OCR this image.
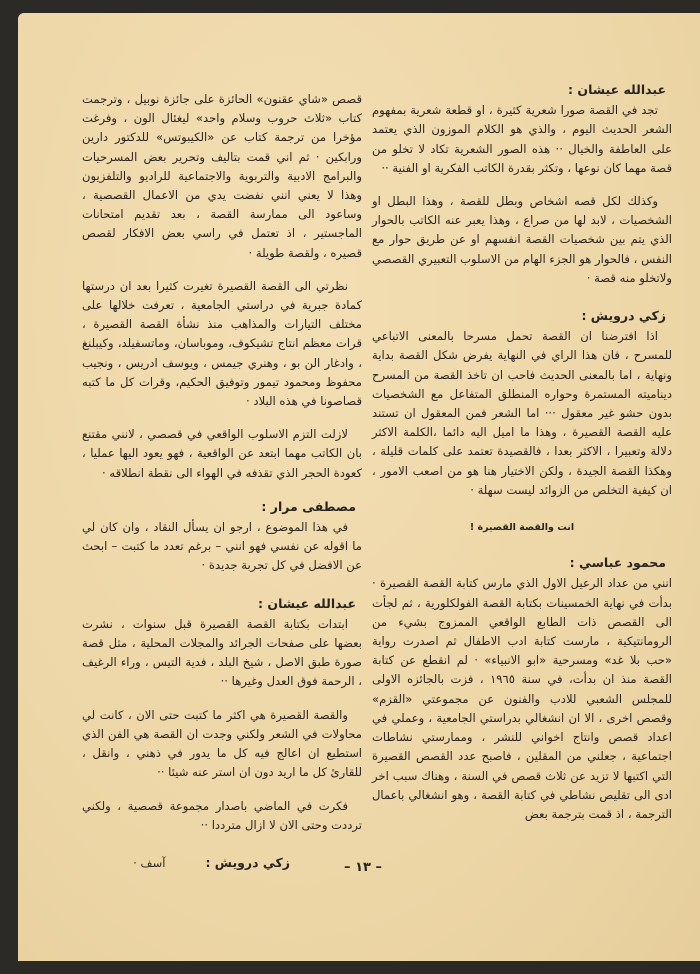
عبدالله عيشان :

تجد في القصة صورا شعرية كثيرة ، او قطعة شعرية بمفهوم الشعر الحديث اليوم ، والذي هو الكلام الموزون الذي يعتمد على العاطفة والخيال ·· هذه الصور الشعرية تكاد لا تخلو من قصة مهما كان نوعها ، وتكثر بقدرة الكاتب الفكرية او الفنية ··

وكذلك لكل قصه اشخاص وبطل للقصة ، وهذا البطل او الشخصيات ، لابد لها من صراع ، وهذا يعبر عنه الكاتب بالحوار الذي يتم بين شخصيات القصة انفسهم او عن طريق حوار مع النفس ، فالحوار هو الجزء الهام من الاسلوب التعبيري القصصي ولاتخلو منه قصة ·

زكي درويش :

اذا افترضنا ان القصة تحمل مسرحا بالمعنى الاتباعي للمسرح ، فان هذا الراي في النهاية يفرض شكل القصة بداية ونهاية ، اما بالمعنى الحديث فاحب ان تاخذ القصة من المسرح ديناميته المستمرة وحواره المنطلق المتفاعل مع الشخصيات بدون حشو غير معقول ··· اما الشعر فمن المعقول ان تستند عليه القصة القصيرة ، وهذا ما اميل اليه دائما ،الكلمة الاكثر دلالة وتعبيرا ، الاكثر بعدا ، فالقصيدة تعتمد على كلمات قليلة ، وهكذا القصة الجيدة ، ولكن الاختيار هنا هو من اصعب الامور ، ان كيفية التخلص من الزوائد ليست سهلة ·

انت والقصة القصيرة !
محمود عباسي :

انني من عداد الرعيل الاول الذي مارس كتابة القصة القصيرة · بدأت في نهاية الخمسينات بكتابة القصة الفولكلورية ، ثم لجأت الى القصص ذات الطابع الواقعي الممزوج بشيء من الرومانتيكية ، مارست كتابة ادب الاطفال ثم اصدرت رواية «حب بلا غد» ومسرحية «ابو الانبياء» · لم انقطع عن كتابة القصة منذ ان بدأت، في سنة ١٩٦٥ ، فزت بالجائزه الاولى للمجلس الشعبي للادب والفنون عن مجموعتي «القزم» وقصص اخرى ، الا ان انشغالي بدراستي الجامعية ، وعملي في اعداد قصص وانتاج اخواني للنشر ، وممارستي نشاطات اجتماعية ، جعلني من المقلين ، فاصبح عدد القصص القصيرة التي اكتبها لا تزيد عن ثلاث قصص في السنة ، وهناك سبب اخر ادى الى تقليص نشاطي في كتابة القصة ، وهو انشغالي باعمال الترجمة ، اذ قمت بترجمة بعض

قصص «شاي عقنون» الحائزة على جائزة نوبيل ، وترجمت كتاب «ثلاث حروب وسلام واحد» ليغئال الون ، وفرغت مؤخرا من ترجمة كتاب عن «الكيبوتس» للدكتور دارين ورابكين · ثم اني قمت بتاليف وتحرير بعض المسرحيات والبرامج الادبية والتربوية والاجتماعية للراديو والتلفزيون وهذا لا يعني انني نفضت يدي من الاعمال القصصية ، وساعود الى ممارسة القصة ، بعد تقديم امتحانات الماجستير ، اذ تعتمل في راسي بعض الافكار لقصص قصيره ، ولقصة طويلة ·

نظرتي الى القصة القصيرة تغيرت كثيرا بعد ان درستها كمادة جبرية في دراستي الجامعية ، تعرفت خلالها على مختلف التيارات والمذاهب منذ نشأة القصة القصيرة ، قرات معظم انتاج تشيكوف، وموباسان، وماتسفيلد، وكيبلنغ ، وادغار الن بو ، وهنري جيمس ، ويوسف ادريس ، ونجيب محفوظ ومحمود تيمور وتوفيق الحكيم، وقرات كل ما كتبه قصاصونا في هذه البلاد ·

لازلت التزم الاسلوب الواقعي في قصصي ، لانني مقتنع بان الكاتب مهما ابتعد عن الواقعية ، فهو يعود اليها عمليا ، كعودة الحجر الذي تقذفه في الهواء الى نقطة انطلاقه ·

مصطفى مرار :

في هذا الموضوع ، ارجو ان يسأل النقاد ، وان كان لي ما اقوله عن نفسي فهو انني – برغم تعدد ما كتبت – ابحث عن الافضل في كل تجربة جديدة ·

عبدالله عيشان :

ابتدات بكتابة القصة القصيرة قبل سنوات ، نشرت بعضها على صفحات الجرائد والمجلات المحلية ، مثل قصة صورة طبق الاصل ، شيخ البلد ، فدية التيس ، وراء الرغيف ، الرحمة فوق العدل وغيرها ··

والقصة القصيرة هي اكثر ما كتبت حتى الان ، كانت لي محاولات في الشعر ولكني وجدت ان القصة هي الفن الذي استطيع ان اعالج فيه كل ما يدور في ذهني ، وانقل ، للقارئ كل ما اريد دون ان استر عنه شيئا ··

فكرت في الماضي باصدار مجموعة قصصية ، ولكني ترددت وحتى الان لا ازال مترددا ··

زكي درويش :
آسف ·	– ١٣ –
